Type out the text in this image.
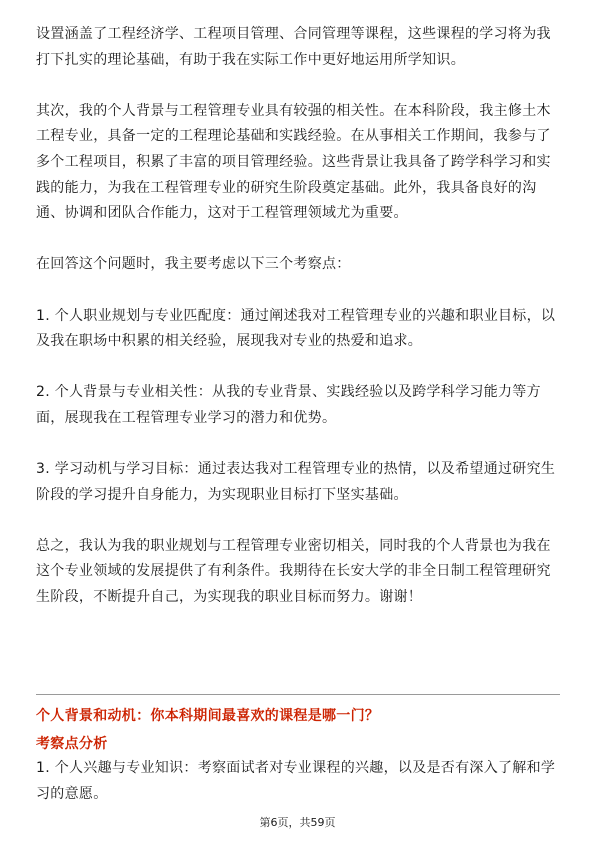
设置涵盖了工程经济学、工程项目管理、合同管理等课程，这些课程的学习将为我打下扎实的理论基础，有助于我在实际工作中更好地运用所学知识。

其次，我的个人背景与工程管理专业具有较强的相关性。在本科阶段，我主修土木工程专业，具备一定的工程理论基础和实践经验。在从事相关工作期间，我参与了多个工程项目，积累了丰富的项目管理经验。这些背景让我具备了跨学科学习和实践的能力，为我在工程管理专业的研究生阶段奠定基础。此外，我具备良好的沟通、协调和团队合作能力，这对于工程管理领域尤为重要。

在回答这个问题时，我主要考虑以下三个考察点：

1. 个人职业规划与专业匹配度：通过阐述我对工程管理专业的兴趣和职业目标，以及我在职场中积累的相关经验，展现我对专业的热爱和追求。

2. 个人背景与专业相关性：从我的专业背景、实践经验以及跨学科学习能力等方面，展现我在工程管理专业学习的潜力和优势。

3. 学习动机与学习目标：通过表达我对工程管理专业的热情，以及希望通过研究生阶段的学习提升自身能力，为实现职业目标打下坚实基础。

总之，我认为我的职业规划与工程管理专业密切相关，同时我的个人背景也为我在这个专业领域的发展提供了有利条件。我期待在长安大学的非全日制工程管理研究生阶段，不断提升自己，为实现我的职业目标而努力。谢谢！

个人背景和动机：你本科期间最喜欢的课程是哪一门？

考察点分析

1. 个人兴趣与专业知识：考察面试者对专业课程的兴趣，以及是否有深入了解和学习的意愿。

第6页，共59页
